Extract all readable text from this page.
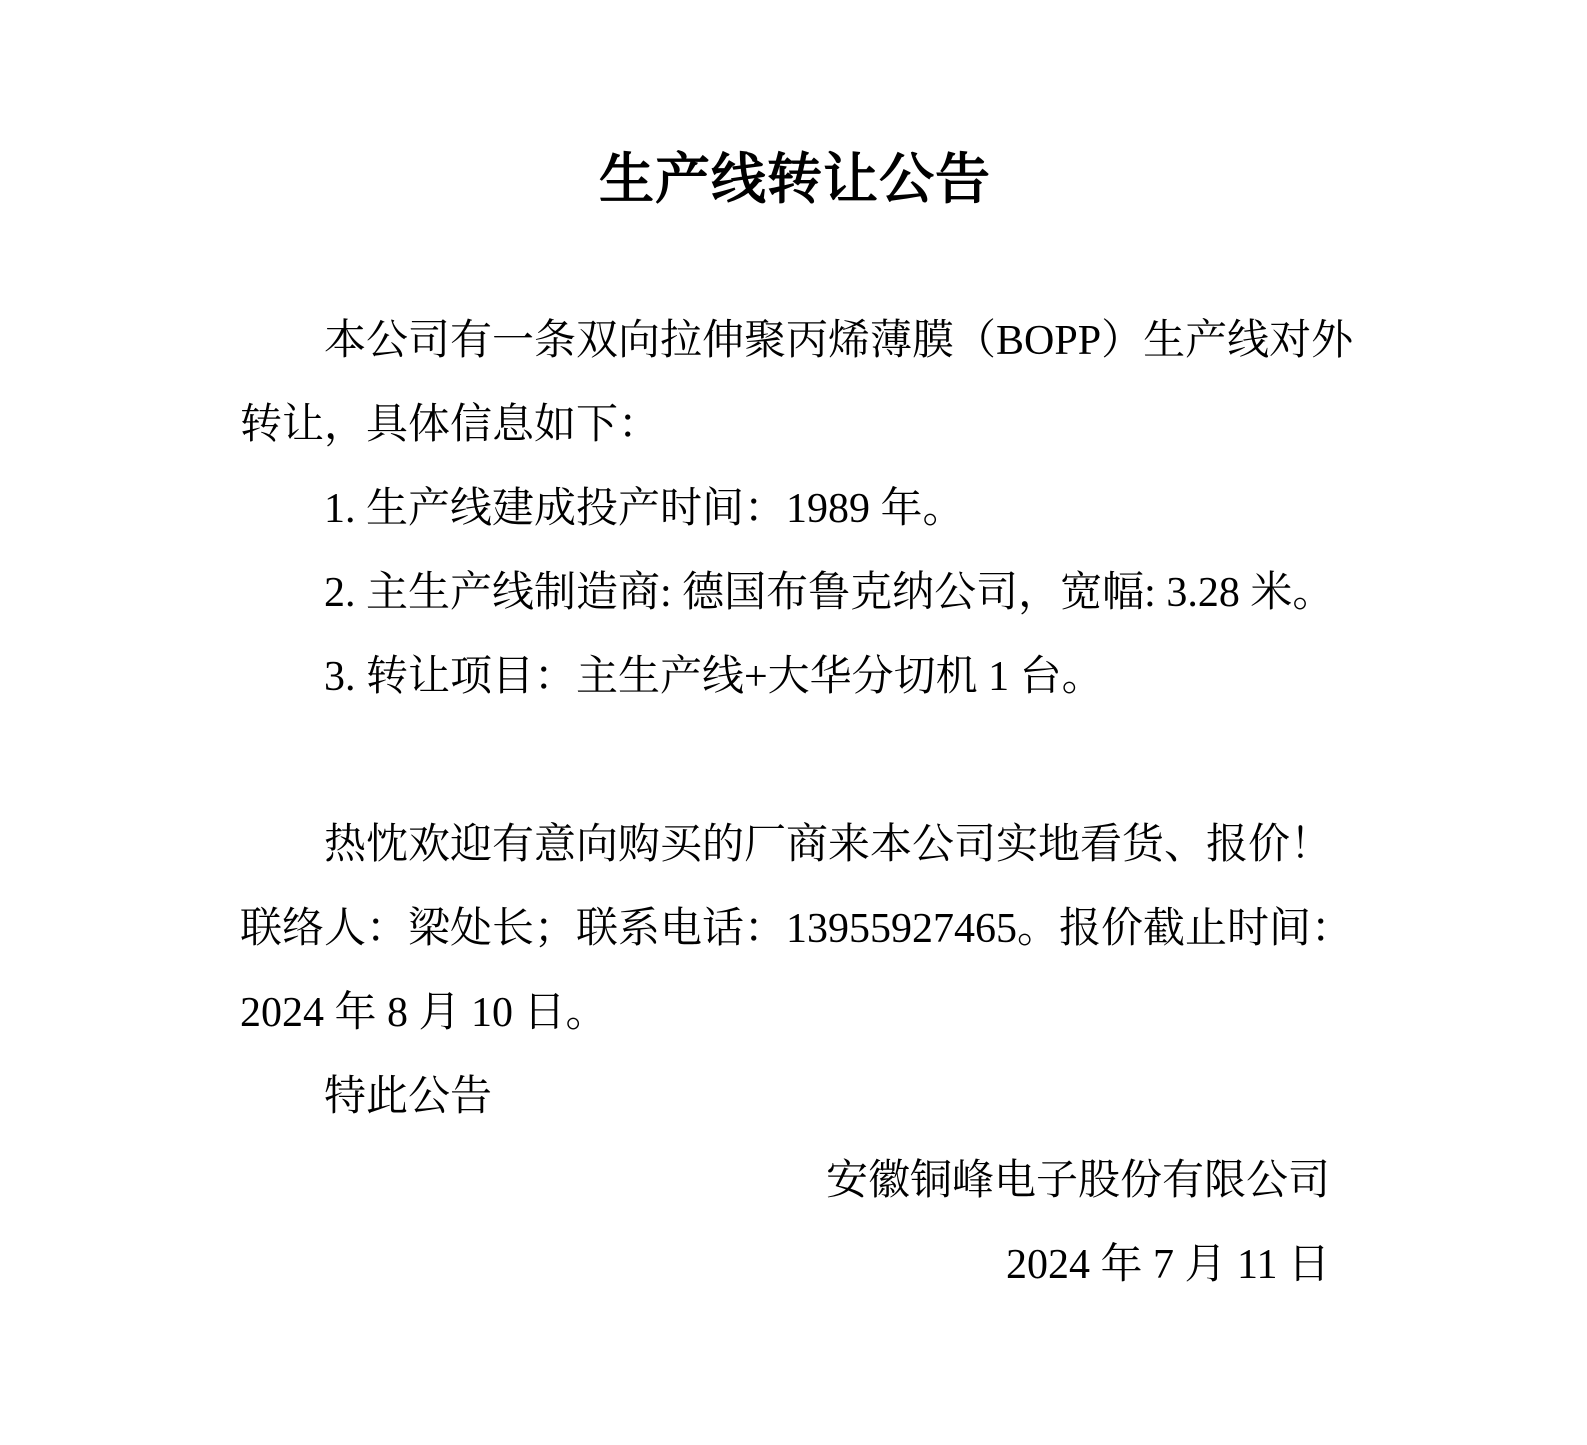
生产线转让公告

本公司有一条双向拉伸聚丙烯薄膜（BOPP）生产线对外

转让，具体信息如下：

1. 生产线建成投产时间：1989 年。

2. 主生产线制造商: 德国布鲁克纳公司，宽幅: 3.28 米。

3. 转让项目：主生产线+大华分切机 1 台。

热忱欢迎有意向购买的厂商来本公司实地看货、报价！

联络人：梁处长；联系电话：13955927465。报价截止时间：

2024 年 8 月 10 日。

特此公告

安徽铜峰电子股份有限公司

2024 年 7 月 11 日
